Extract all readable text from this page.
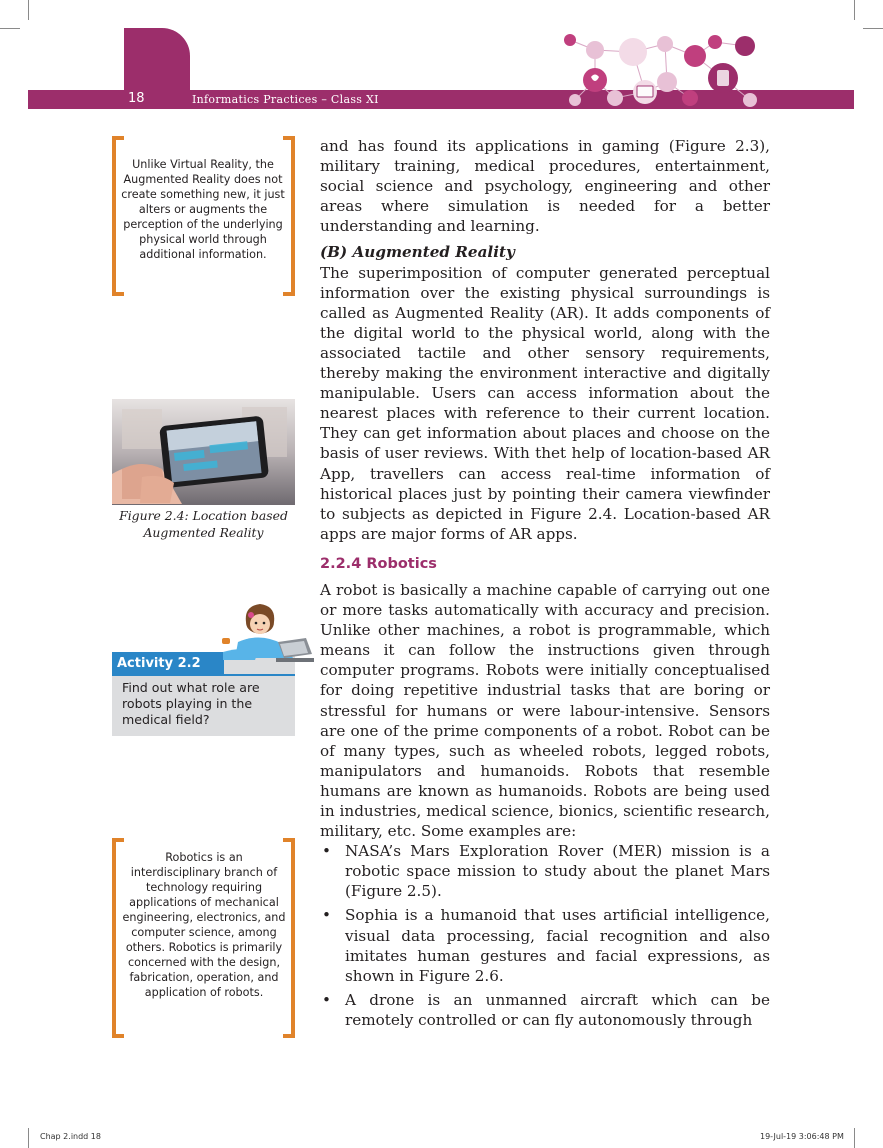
18	Informatics Practices – Class XI

and has found its applications in gaming (Figure 2.3), military training, medical procedures, entertainment, social science and psychology, engineering and other areas where simulation is needed for a better understanding and learning.

(B) Augmented Reality

The superimposition of computer generated perceptual information over the existing physical surroundings is called as Augmented Reality (AR). It adds components of the digital world to the physical world, along with the associated tactile and other sensory requirements, thereby making the environment interactive and digitally manipulable. Users can access information about the nearest places with reference to their current location. They can get information about places and choose on the basis of user reviews. With thet help of location-based AR App, travellers can access real-time information of historical places just by pointing their camera viewfinder to subjects as depicted in Figure 2.4. Location-based AR apps are major forms of AR apps.

2.2.4 Robotics

A robot is basically a machine capable of carrying out one or more tasks automatically with accuracy and precision. Unlike other machines, a robot is programmable, which means it can follow the instructions given through computer programs. Robots were initially conceptualised for doing repetitive industrial tasks that are boring or stressful for humans or were labour-intensive. Sensors are one of the prime components of a robot. Robot can be of many types, such as wheeled robots, legged robots, manipulators and humanoids. Robots that resemble humans are known as humanoids. Robots are being used in industries, medical science, bionics, scientific research, military, etc. Some examples are:

• NASA’s Mars Exploration Rover (MER) mission is a robotic space mission to study about the planet Mars (Figure 2.5).
• Sophia is a humanoid that uses artificial intelligence, visual data processing, facial recognition and also imitates human gestures and facial expressions, as shown in Figure 2.6.
• A drone is an unmanned aircraft which can be remotely controlled or can fly autonomously through
Unlike Virtual Reality, the Augmented Reality does not create something new, it just alters or augments the perception of the underlying physical world through additional information.
Figure 2.4: Location based Augmented Reality
Activity 2.2
Find out what role are robots playing in the medical field?
Robotics is an interdisciplinary branch of technology requiring applications of mechanical engineering, electronics, and computer science, among others. Robotics is primarily concerned with the design, fabrication, operation, and application of robots.
Chap 2.indd 18	19-Jul-19 3:06:48 PM
